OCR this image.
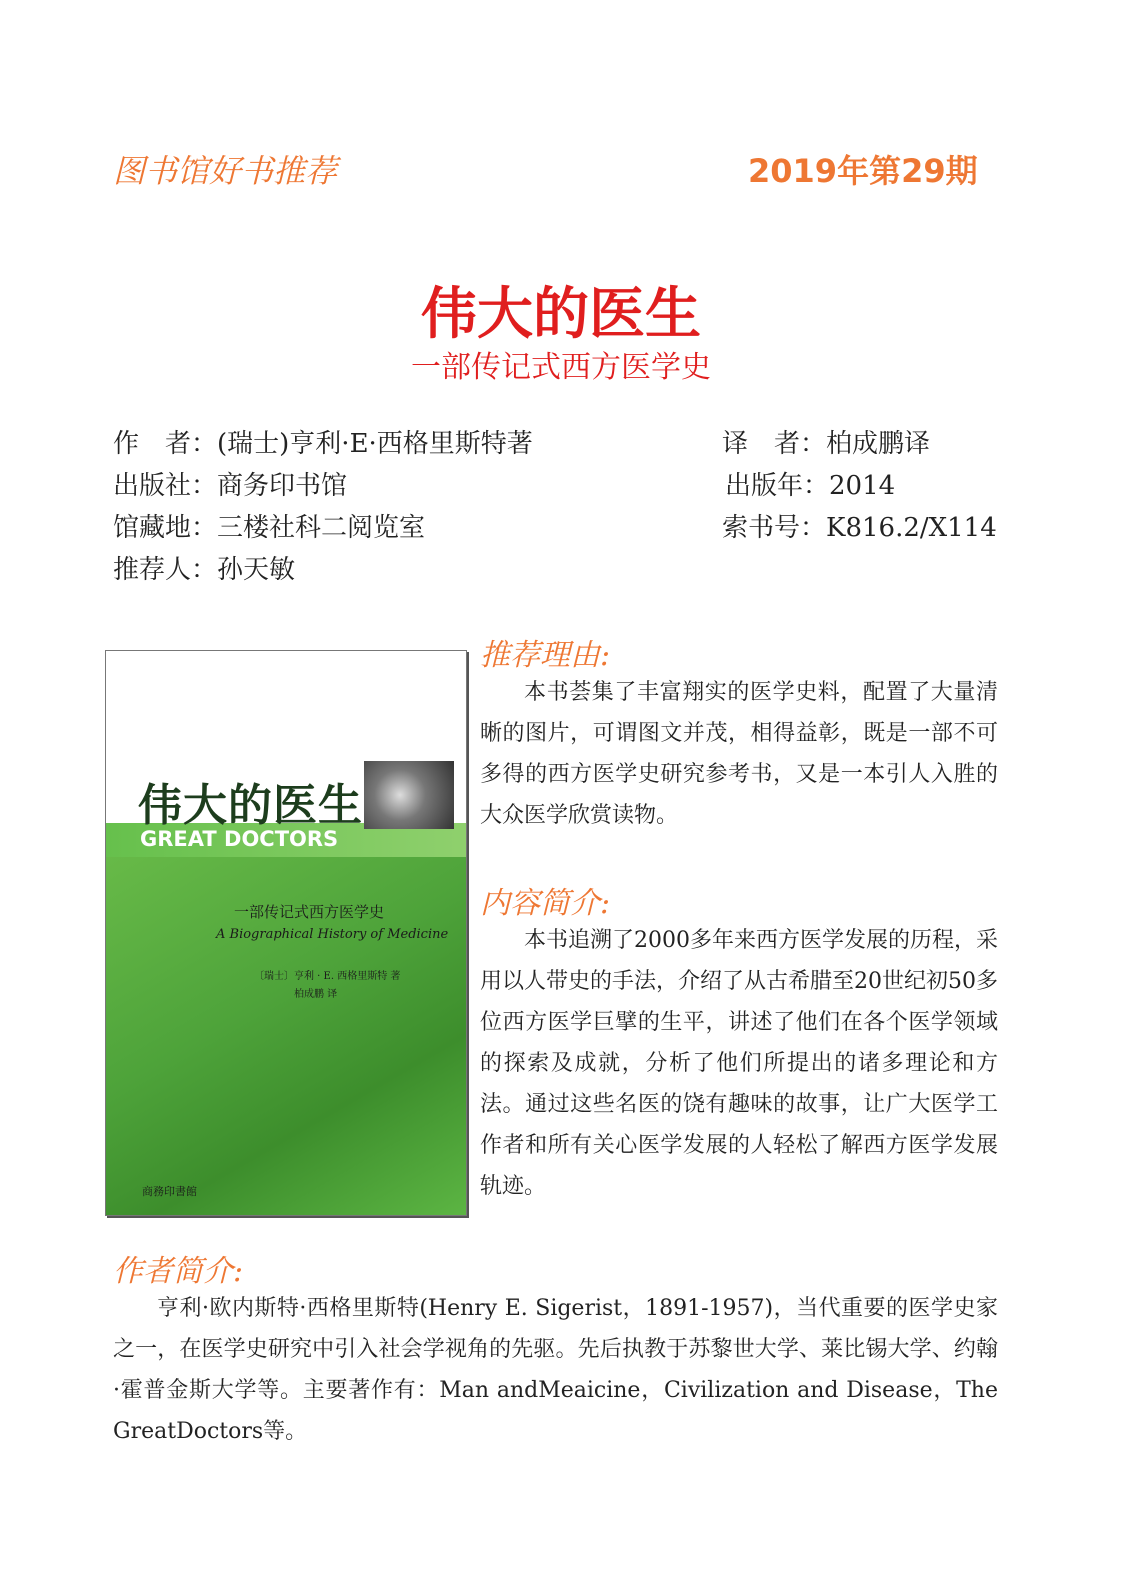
图书馆好书推荐	2019年第29期
伟大的医生
一部传记式西方医学史
作　者：(瑞士)亨利·E·西格里斯特著	译　者：柏成鹏译
出版社：商务印书馆	出版年：2014
馆藏地：三楼社科二阅览室	索书号：K816.2/X114
推荐人：孙天敏
伟大的医生
GREAT DOCTORS
一部传记式西方医学史
A Biographical History of Medicine
〔瑞士〕亨利 · E. 西格里斯特 著
柏成鹏 译
商務印書館
推荐理由:

本书荟集了丰富翔实的医学史料，配置了大量清晰的图片，可谓图文并茂，相得益彰，既是一部不可多得的西方医学史研究参考书，又是一本引人入胜的大众医学欣赏读物。

内容简介:

本书追溯了2000多年来西方医学发展的历程，采用以人带史的手法，介绍了从古希腊至20世纪初50多位西方医学巨擘的生平，讲述了他们在各个医学领域的探索及成就，分析了他们所提出的诸多理论和方法。通过这些名医的饶有趣味的故事，让广大医学工作者和所有关心医学发展的人轻松了解西方医学发展轨迹。

作者简介:

亨利·欧内斯特·西格里斯特(Henry E. Sigerist，1891-1957)，当代重要的医学史家之一，在医学史研究中引入社会学视角的先驱。先后执教于苏黎世大学、莱比锡大学、约翰·霍普金斯大学等。主要著作有：Man andMeaicine，Civilization and Disease，The GreatDoctors等。
